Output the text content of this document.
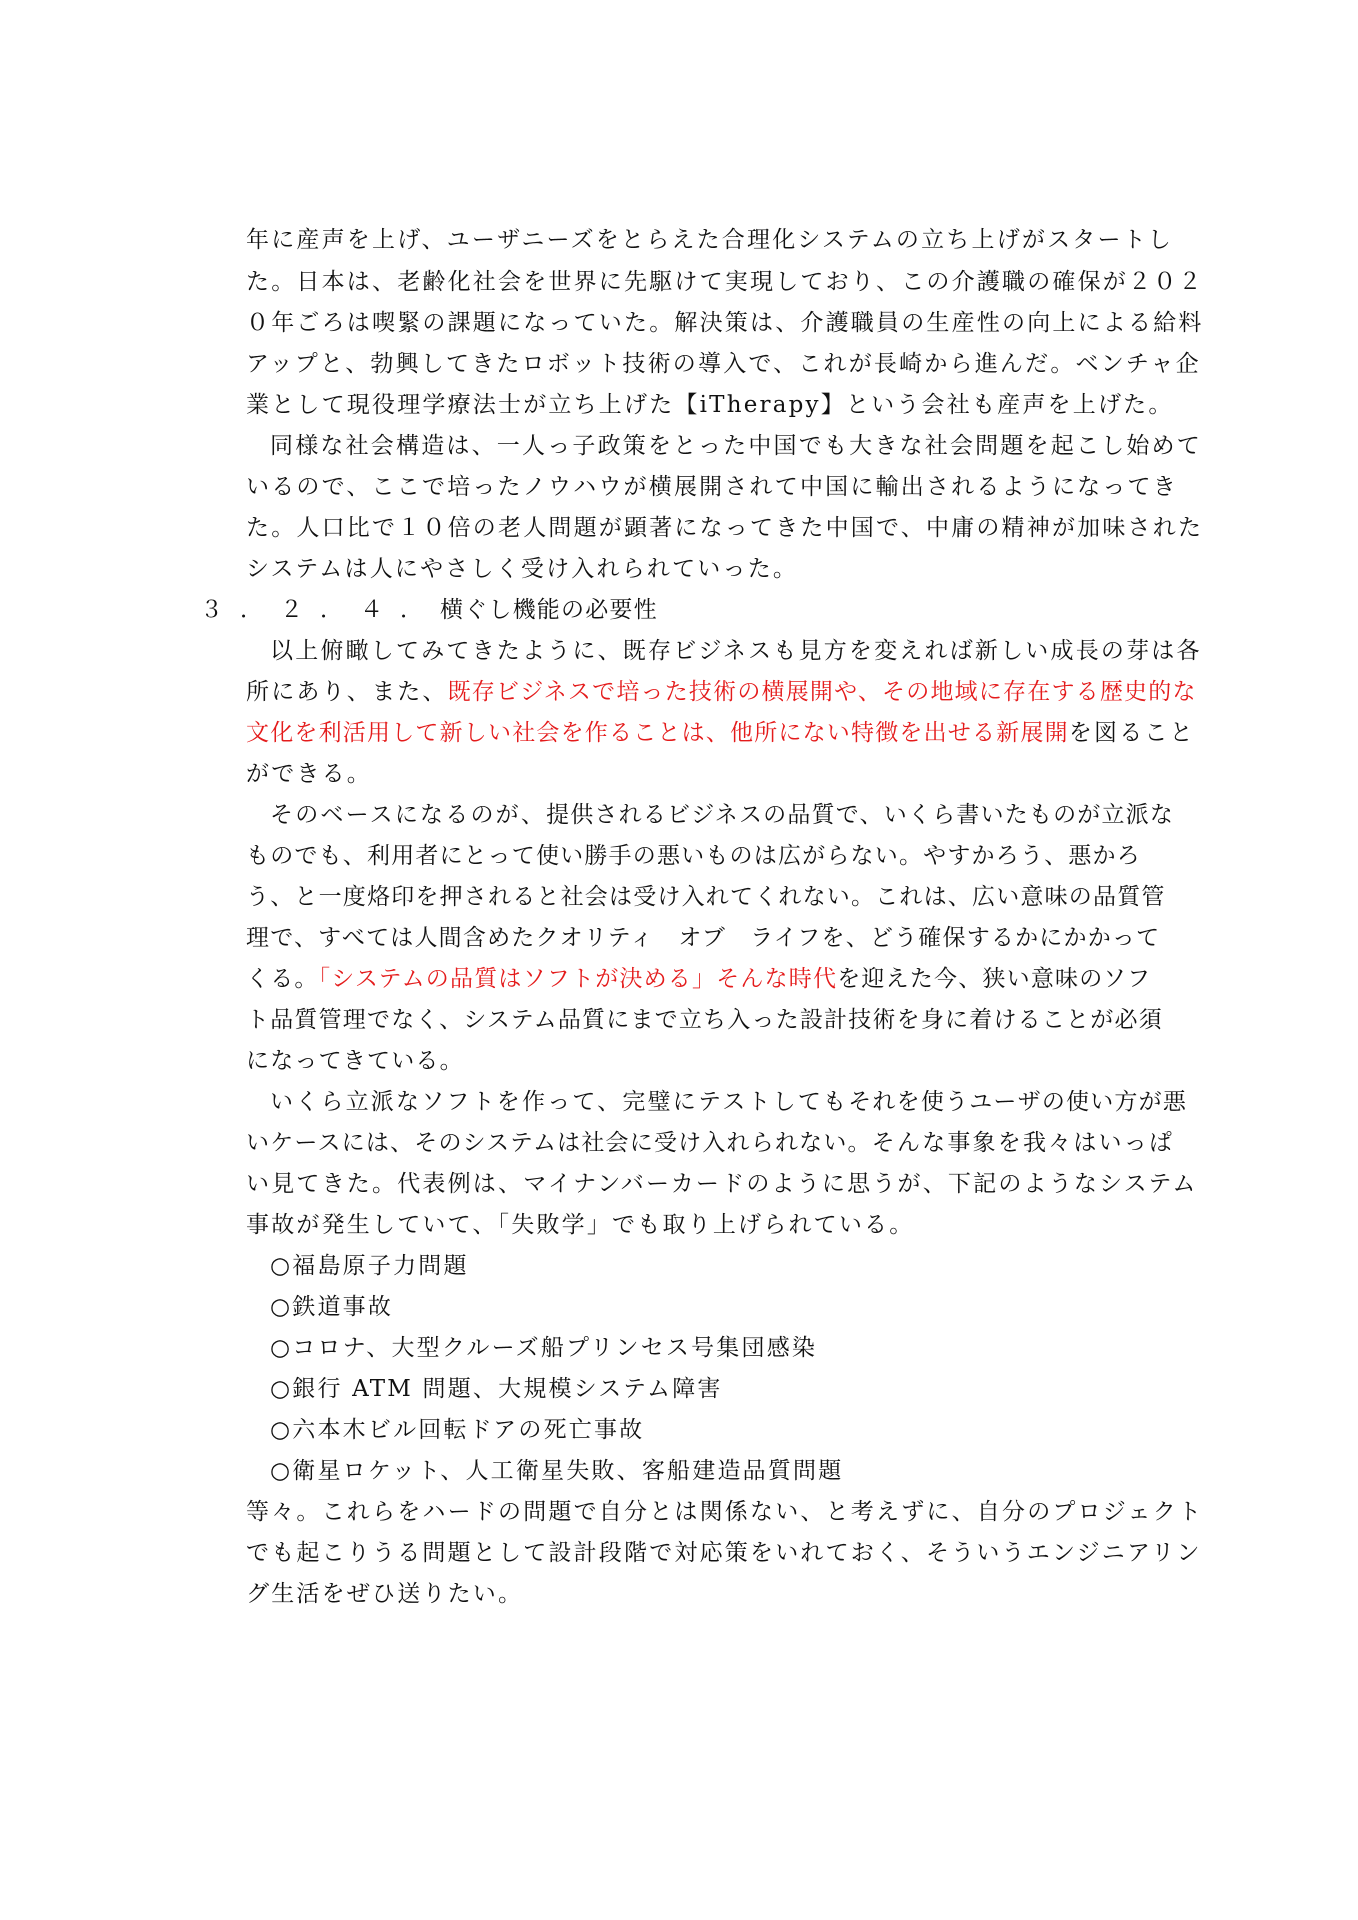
年に産声を上げ、ユーザニーズをとらえた合理化システムの立ち上げがスタートし
た。日本は、老齢化社会を世界に先駆けて実現しており、この介護職の確保が２０２
０年ごろは喫緊の課題になっていた。解決策は、介護職員の生産性の向上による給料
アップと、勃興してきたロボット技術の導入で、これが長崎から進んだ。ベンチャ企
業として現役理学療法士が立ち上げた【iTherapy】という会社も産声を上げた。
同様な社会構造は、一人っ子政策をとった中国でも大きな社会問題を起こし始めて
いるので、ここで培ったノウハウが横展開されて中国に輸出されるようになってき
た。人口比で１０倍の老人問題が顕著になってきた中国で、中庸の精神が加味された
システムは人にやさしく受け入れられていった。
３．２．４．横ぐし機能の必要性
以上俯瞰してみてきたように、既存ビジネスも見方を変えれば新しい成長の芽は各
所にあり、また、既存ビジネスで培った技術の横展開や、その地域に存在する歴史的な
文化を利活用して新しい社会を作ることは、他所にない特徴を出せる新展開を図ること
ができる。
そのベースになるのが、提供されるビジネスの品質で、いくら書いたものが立派な
ものでも、利用者にとって使い勝手の悪いものは広がらない。やすかろう、悪かろ
う、と一度烙印を押されると社会は受け入れてくれない。これは、広い意味の品質管
理で、すべては人間含めたクオリティ　オブ　ライフを、どう確保するかにかかって
くる。「システムの品質はソフトが決める」そんな時代を迎えた今、狭い意味のソフ
ト品質管理でなく、システム品質にまで立ち入った設計技術を身に着けることが必須
になってきている。
いくら立派なソフトを作って、完璧にテストしてもそれを使うユーザの使い方が悪
いケースには、そのシステムは社会に受け入れられない。そんな事象を我々はいっぱ
い見てきた。代表例は、マイナンバーカードのように思うが、下記のようなシステム
事故が発生していて、「失敗学」でも取り上げられている。
○福島原子力問題
○鉄道事故
○コロナ、大型クルーズ船プリンセス号集団感染
○銀行 ATM 問題、大規模システム障害
○六本木ビル回転ドアの死亡事故
○衛星ロケット、人工衛星失敗、客船建造品質問題
等々。これらをハードの問題で自分とは関係ない、と考えずに、自分のプロジェクト
でも起こりうる問題として設計段階で対応策をいれておく、そういうエンジニアリン
グ生活をぜひ送りたい。
